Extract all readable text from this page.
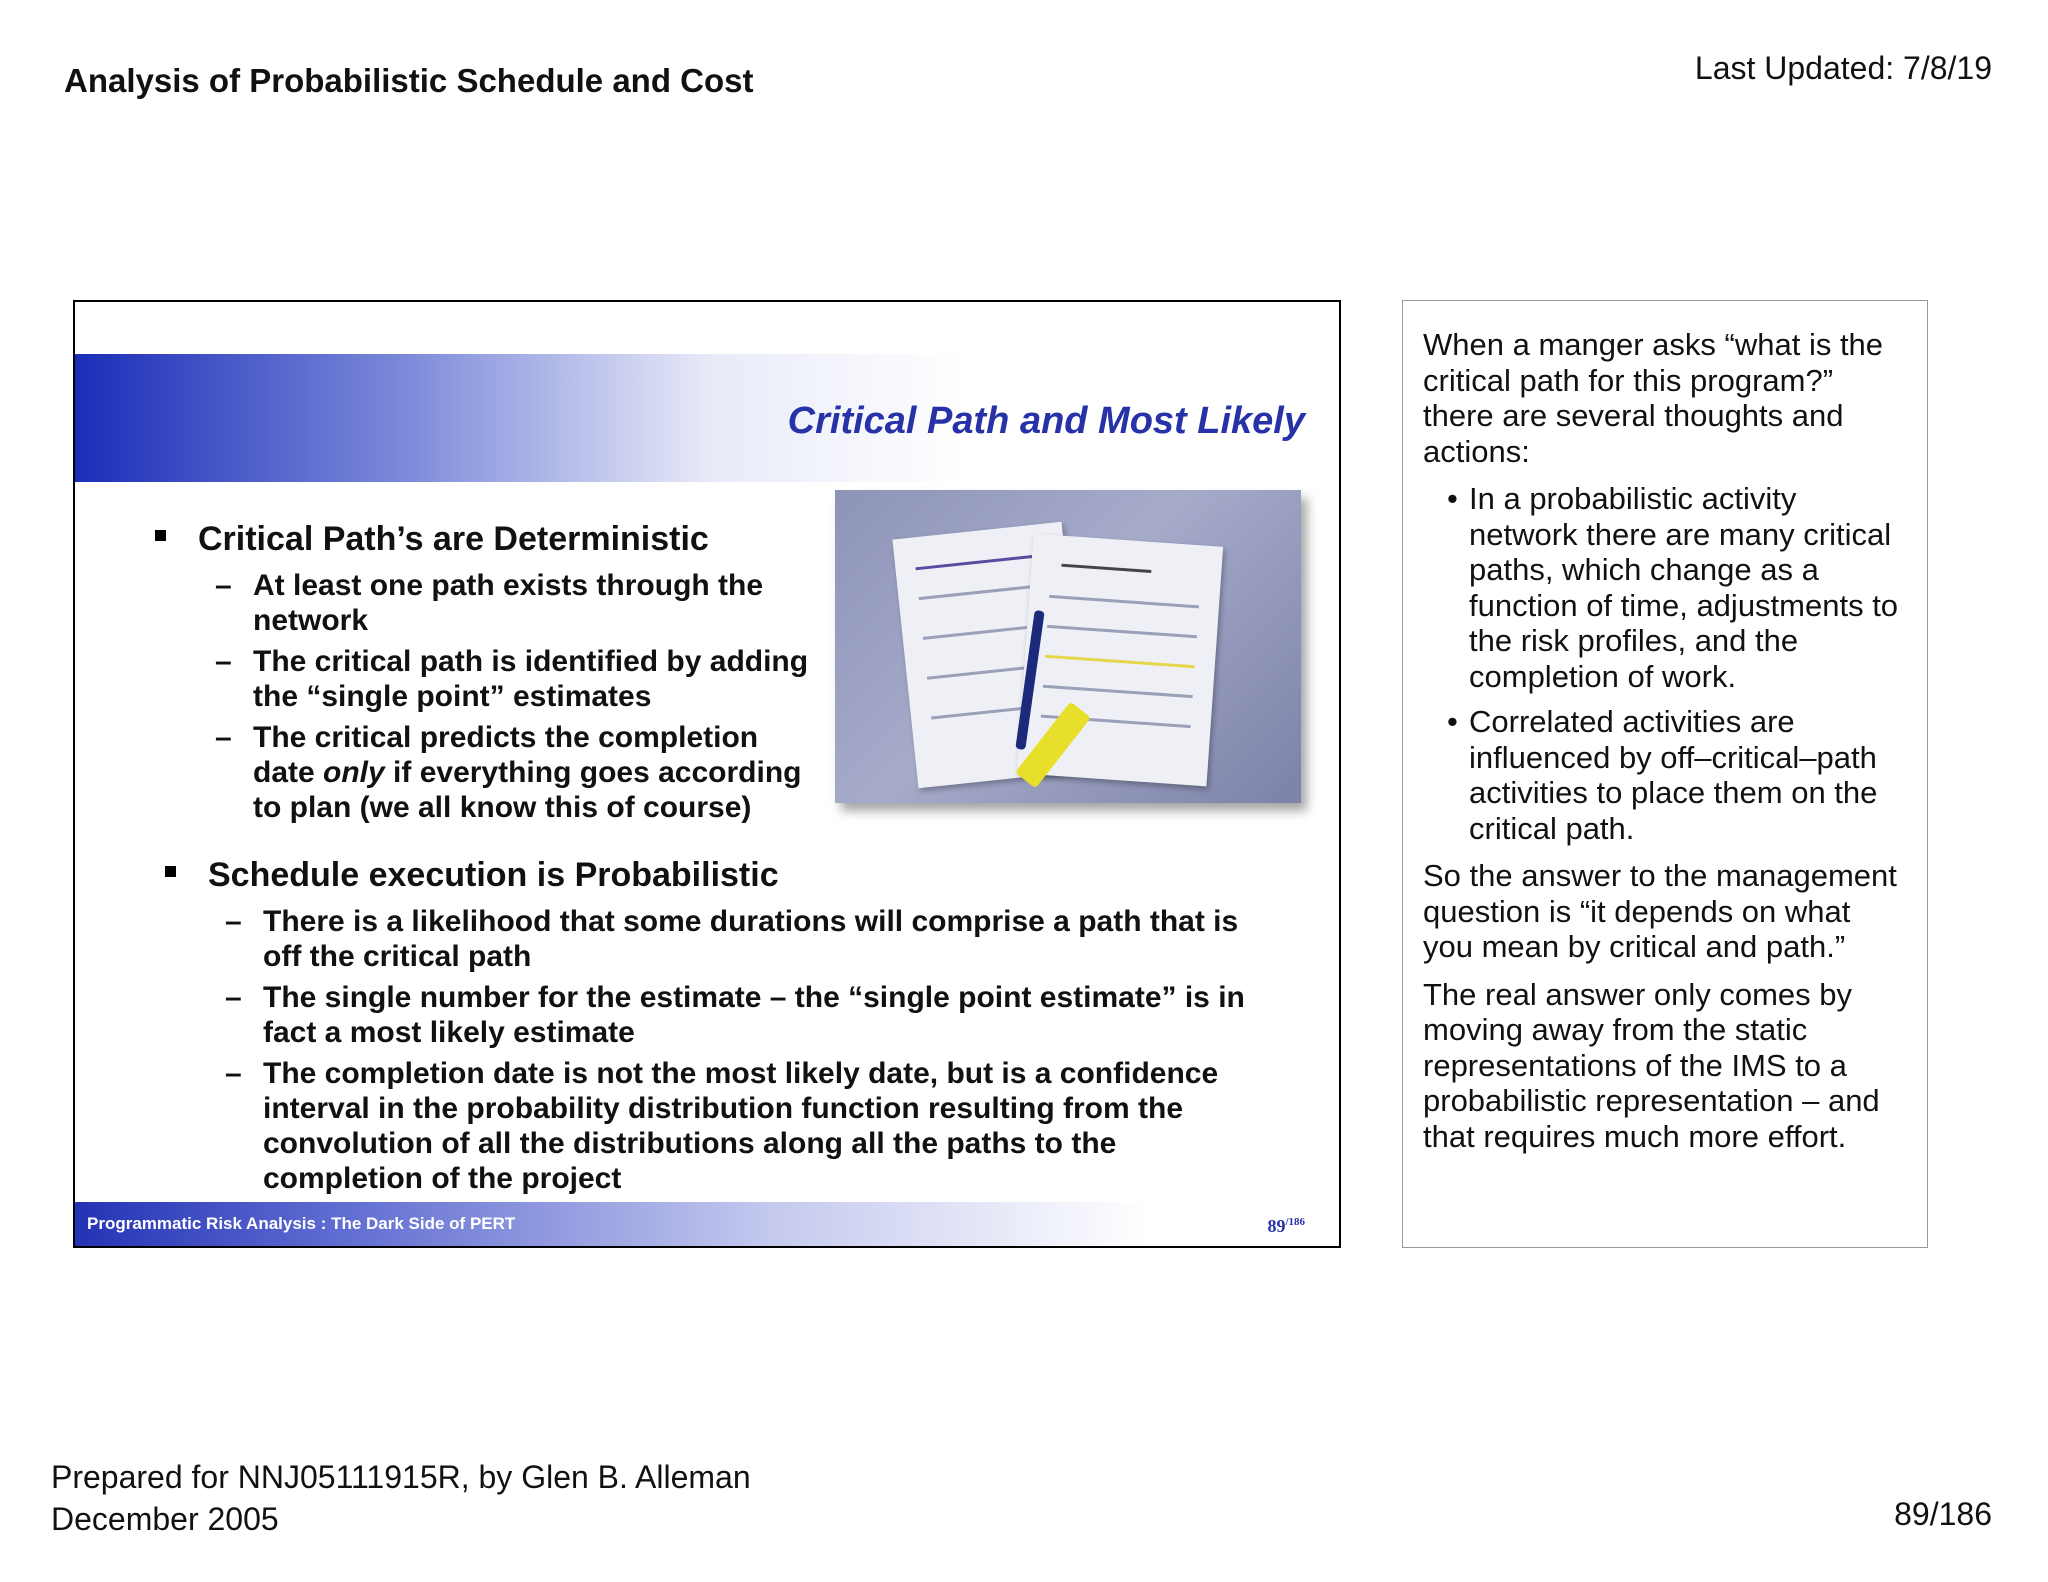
Analysis of Probabilistic Schedule and Cost	Last Updated: 7/8/19
Critical Path and Most Likely
Critical Path’s are Deterministic
– At least one path exists through the network
– The critical path is identified by adding the “single point” estimates
– The critical predicts the completion date only if everything goes according to plan (we all know this of course)
Schedule execution is Probabilistic
– There is a likelihood that some durations will comprise a path that is off the critical path
– The single number for the estimate – the “single point estimate” is in fact a most likely estimate
– The completion date is not the most likely date, but is a confidence interval in the probability distribution function resulting from the convolution of all the distributions along all the paths to the completion of the project
Programmatic Risk Analysis : The Dark Side of PERT	$89^{/186}$

When a manger asks “what is the critical path for this program?” there are several thoughts and actions:

• In a probabilistic activity network there are many critical paths, which change as a function of time, adjustments to the risk profiles, and the completion of work.
• Correlated activities are influenced by off–critical–path activities to place them on the critical path.

So the answer to the management question is “it depends on what you mean by critical and path.”

The real answer only comes by moving away from the static representations of the IMS to a probabilistic representation – and that requires much more effort.

Prepared for NNJ05111915R, by Glen B. Alleman
December 2005	89/186
